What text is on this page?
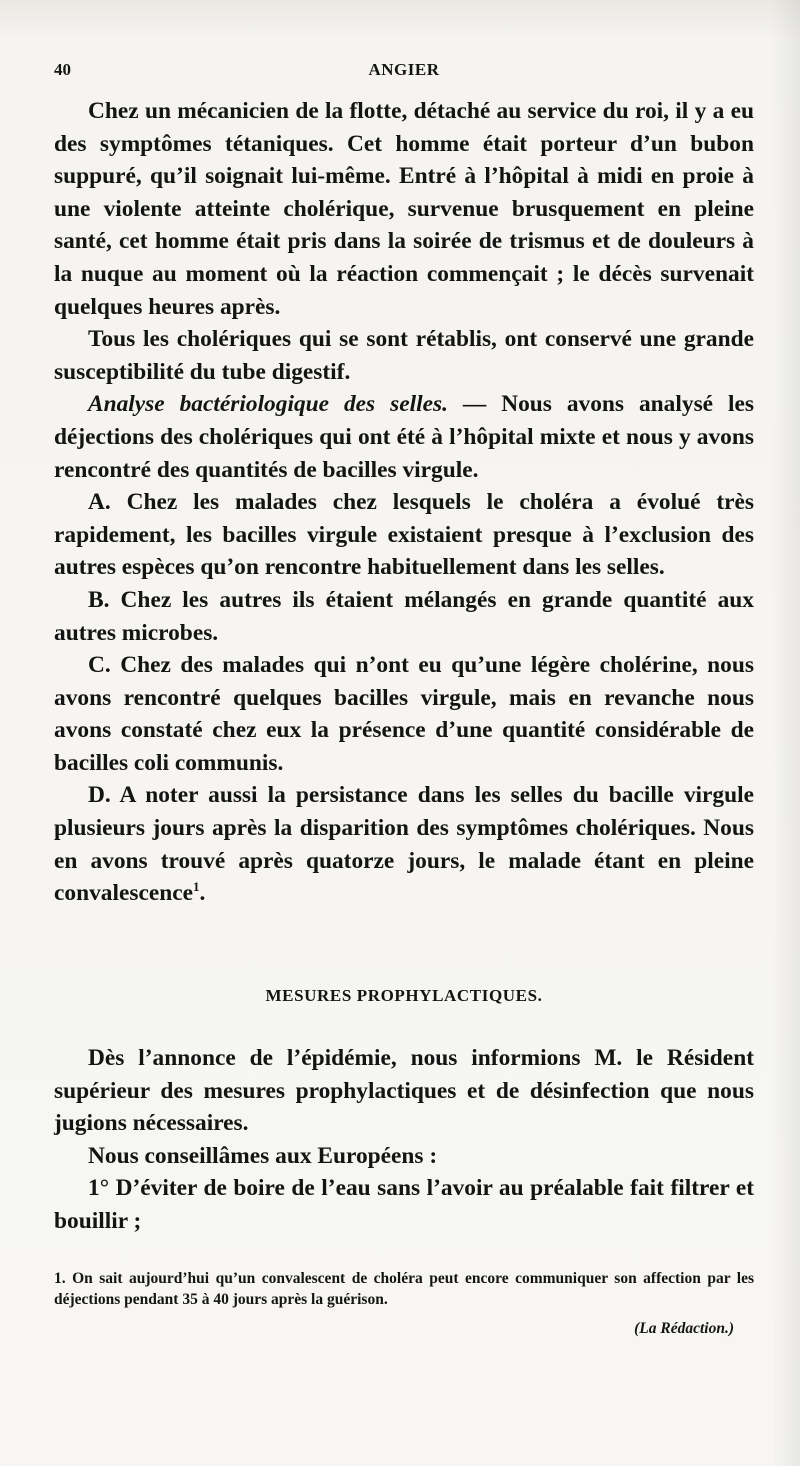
40	ANGIER

Chez un mécanicien de la flotte, détaché au service du roi, il y a eu des symptômes tétaniques. Cet homme était porteur d’un bubon suppuré, qu’il soignait lui-même. Entré à l’hôpital à midi en proie à une violente atteinte cholérique, survenue brusquement en pleine santé, cet homme était pris dans la soirée de trismus et de douleurs à la nuque au moment où la réaction commençait ; le décès survenait quelques heures après.

Tous les cholériques qui se sont rétablis, ont conservé une grande susceptibilité du tube digestif.

Analyse bactériologique des selles. — Nous avons analysé les déjections des cholériques qui ont été à l’hôpital mixte et nous y avons rencontré des quantités de bacilles virgule.

A. Chez les malades chez lesquels le choléra a évolué très rapidement, les bacilles virgule existaient presque à l’exclusion des autres espèces qu’on rencontre habituellement dans les selles.

B. Chez les autres ils étaient mélangés en grande quantité aux autres microbes.

C. Chez des malades qui n’ont eu qu’une légère cholérine, nous avons rencontré quelques bacilles virgule, mais en revanche nous avons constaté chez eux la présence d’une quantité considérable de bacilles coli communis.

D. A noter aussi la persistance dans les selles du bacille virgule plusieurs jours après la disparition des symptômes cholériques. Nous en avons trouvé après quatorze jours, le malade étant en pleine convalescence$^1$.

MESURES PROPHYLACTIQUES.

Dès l’annonce de l’épidémie, nous informions M. le Résident supérieur des mesures prophylactiques et de désinfection que nous jugions nécessaires.

Nous conseillâmes aux Européens :

1° D’éviter de boire de l’eau sans l’avoir au préalable fait filtrer et bouillir ;

1. On sait aujourd’hui qu’un convalescent de choléra peut encore communiquer son affection par les déjections pendant 35 à 40 jours après la guérison.

(La Rédaction.)
